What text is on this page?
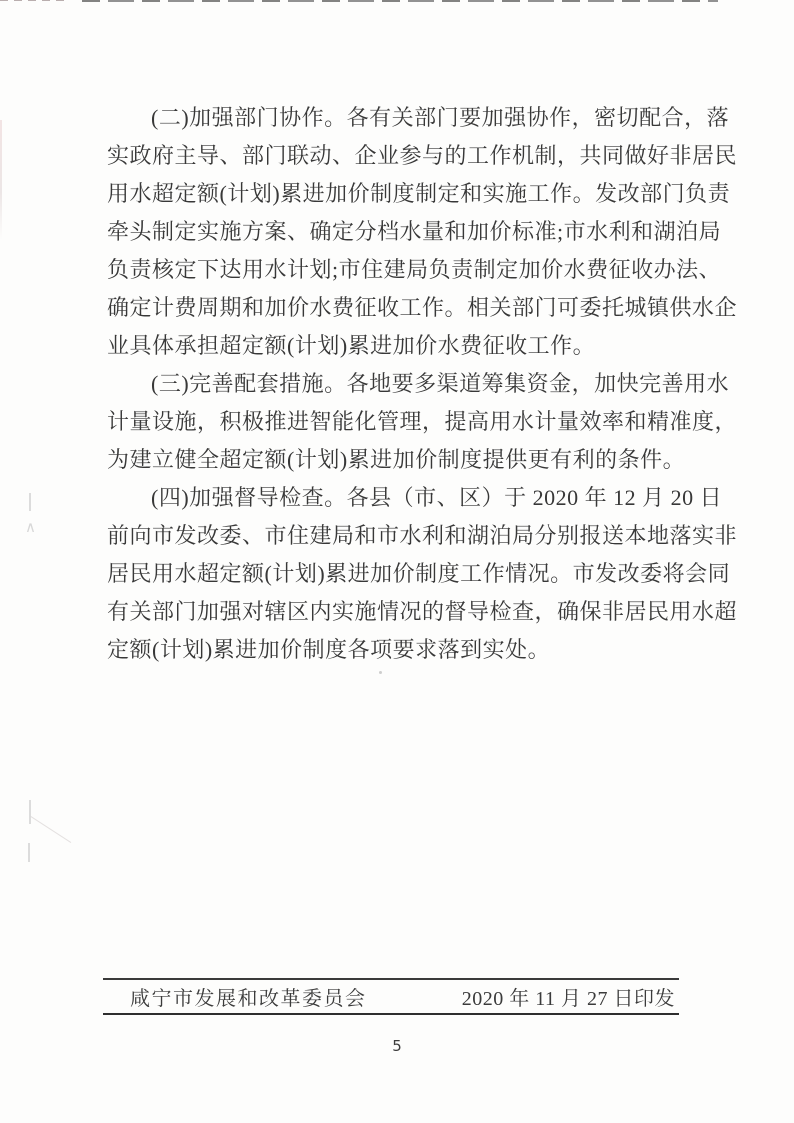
(二)加强部门协作。各有关部门要加强协作，密切配合，落
实政府主导、部门联动、企业参与的工作机制，共同做好非居民
用水超定额(计划)累进加价制度制定和实施工作。发改部门负责
牵头制定实施方案、确定分档水量和加价标准;市水利和湖泊局
负责核定下达用水计划;市住建局负责制定加价水费征收办法、
确定计费周期和加价水费征收工作。相关部门可委托城镇供水企
业具体承担超定额(计划)累进加价水费征收工作。
(三)完善配套措施。各地要多渠道筹集资金，加快完善用水
计量设施，积极推进智能化管理，提高用水计量效率和精准度，
为建立健全超定额(计划)累进加价制度提供更有利的条件。
(四)加强督导检查。各县（市、区）于 2020 年 12 月 20 日
前向市发改委、市住建局和市水利和湖泊局分别报送本地落实非
居民用水超定额(计划)累进加价制度工作情况。市发改委将会同
有关部门加强对辖区内实施情况的督导检查，确保非居民用水超
定额(计划)累进加价制度各项要求落到实处。
∧
咸宁市发展和改革委员会	2020 年 11 月 27 日印发
5
